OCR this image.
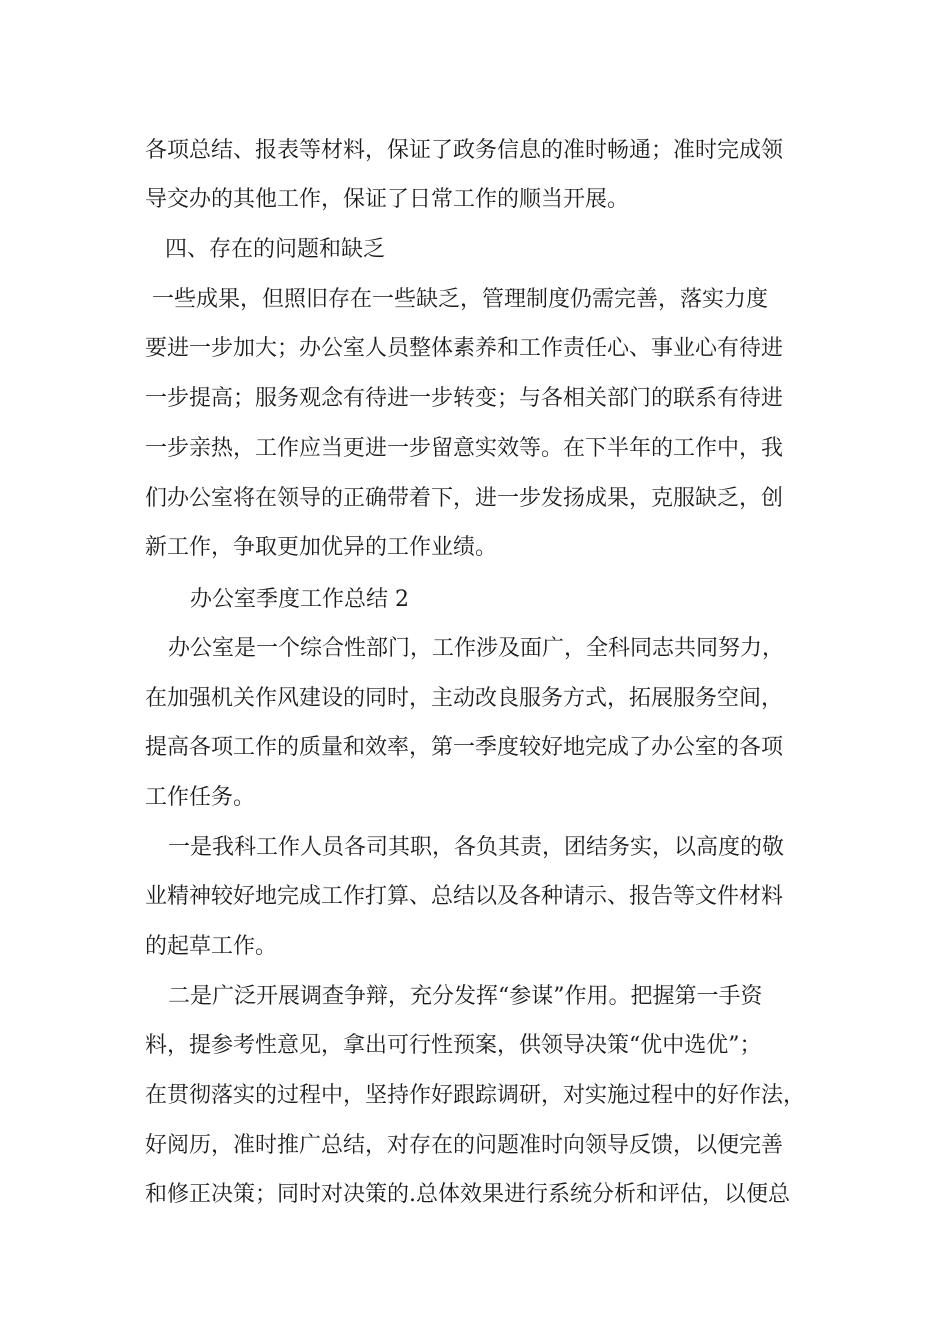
各项总结、报表等材料，保证了政务信息的准时畅通；准时完成领

导交办的其他工作，保证了日常工作的顺当开展。

四、存在的问题和缺乏

一些成果，但照旧存在一些缺乏，管理制度仍需完善，落实力度

要进一步加大；办公室人员整体素养和工作责任心、事业心有待进

一步提高；服务观念有待进一步转变；与各相关部门的联系有待进

一步亲热，工作应当更进一步留意实效等。在下半年的工作中，我

们办公室将在领导的正确带着下，进一步发扬成果，克服缺乏，创

新工作，争取更加优异的工作业绩。

办公室季度工作总结 2

办公室是一个综合性部门，工作涉及面广，全科同志共同努力，

在加强机关作风建设的同时，主动改良服务方式，拓展服务空间，

提高各项工作的质量和效率，第一季度较好地完成了办公室的各项

工作任务。

一是我科工作人员各司其职，各负其责，团结务实，以高度的敬

业精神较好地完成工作打算、总结以及各种请示、报告等文件材料

的起草工作。

二是广泛开展调查争辩，充分发挥“参谋”作用。把握第一手资

料，提参考性意见，拿出可行性预案，供领导决策“优中选优”；

在贯彻落实的过程中，坚持作好跟踪调研，对实施过程中的好作法，

好阅历，准时推广总结，对存在的问题准时向领导反馈，以便完善

和修正决策；同时对决策的.总体效果进行系统分析和评估，以便总
